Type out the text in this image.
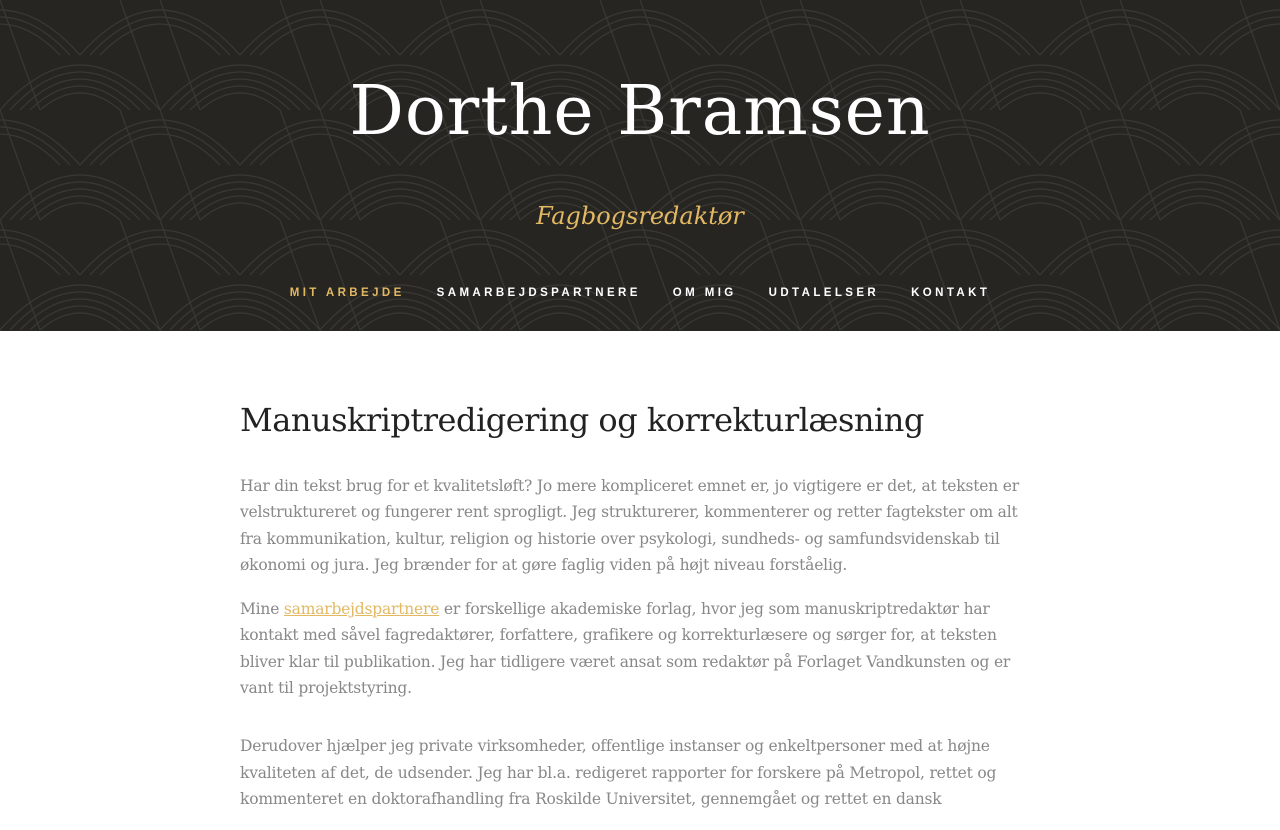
Dorthe Bramsen

Fagbogsredaktør

MIT ARBEJDE	SAMARBEJDSPARTNERE	OM MIG	UDTALELSER	KONTAKT
Manuskriptredigering og korrekturlæsning

Har din tekst brug for et kvalitetsløft? Jo mere kompliceret emnet er, jo vigtigere er det, at teksten er velstruktureret og fungerer rent sprogligt. Jeg strukturerer, kommenterer og retter fagtekster om alt fra kommunikation, kultur, religion og historie over psykologi, sundheds- og samfundsvidenskab til økonomi og jura. Jeg brænder for at gøre faglig viden på højt niveau forståelig.

Mine samarbejdspartnere er forskellige akademiske forlag, hvor jeg som manuskriptredaktør har kontakt med såvel fagredaktører, forfattere, grafikere og korrekturlæsere og sørger for, at teksten bliver klar til publikation. Jeg har tidligere været ansat som redaktør på Forlaget Vandkunsten og er vant til projektstyring.

Derudover hjælper jeg private virksomheder, offentlige instanser og enkeltpersoner med at højne kvaliteten af det, de udsender. Jeg har bl.a. redigeret rapporter for forskere på Metropol, rettet og kommenteret en doktorafhandling fra Roskilde Universitet, gennemgået og rettet en dansk
